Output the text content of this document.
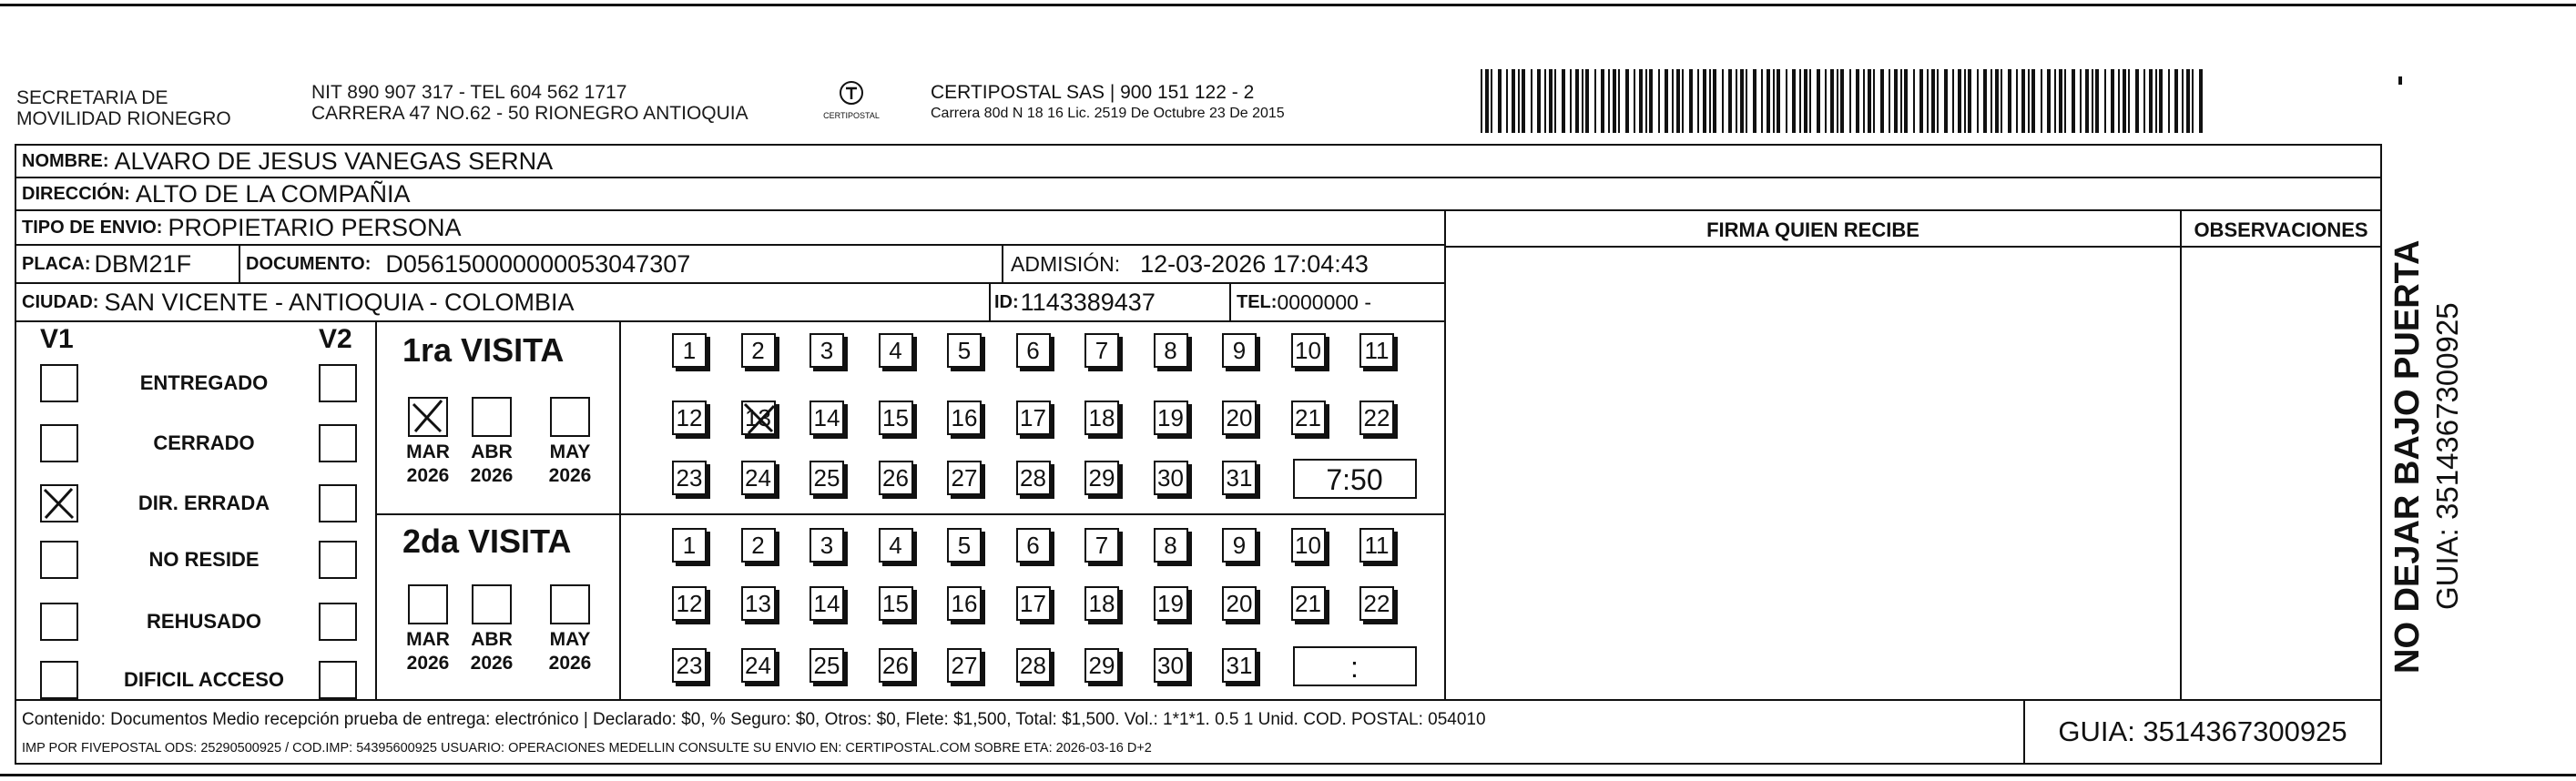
SECRETARIA DE
MOVILIDAD RIONEGRO
NIT 890 907 317 - TEL 604 562 1717
CARRERA 47 NO.62 - 50 RIONEGRO ANTIOQUIA	CERTIPOSTAL
CERTIPOSTAL SAS | 900 151 122 - 2
Carrera 80d N 18 16 Lic. 2519 De Octubre 23 De 2015
NOMBRE: ALVARO DE JESUS VANEGAS SERNA
DIRECCIÓN: ALTO DE LA COMPAÑIA
TIPO DE ENVIO: PROPIETARIO PERSONA
PLACA: DBM21F	DOCUMENTO: D056150000000053047307	ADMISIÓN: 12-03-2026 17:04:43
CIUDAD: SAN VICENTE - ANTIOQUIA - COLOMBIA	ID: 1143389437	TEL: 0000000 -
FIRMA QUIEN RECIBE	OBSERVACIONES
V1	V2
ENTREGADO
CERRADO
DIR. ERRADA
NO RESIDE
REHUSADO
DIFICIL ACCESO
1ra VISITA
MAR
2026
ABR
2026
MAY
2026
1	2	3	4	5	6	7	8	9	10 11
12 13 14 15 16 17 18 19 20 21 22
23 24 25 26 27 28 29 30 31	7:50
2da VISITA
MAR
2026
ABR
2026
MAY
2026
1	2	3	4	5	6	7	8	9	10 11
12 13 14 15 16 17 18 19 20 21 22
23 24 25 26 27 28 29 30 31	:
Contenido: Documentos Medio recepción prueba de entrega: electrónico | Declarado: $0, % Seguro: $0, Otros: $0, Flete: $1,500, Total: $1,500. Vol.: 1*1*1. 0.5 1 Unid. COD. POSTAL: 054010
IMP POR FIVEPOSTAL ODS: 25290500925 / COD.IMP: 54395600925 USUARIO: OPERACIONES MEDELLIN CONSULTE SU ENVIO EN: CERTIPOSTAL.COM SOBRE ETA: 2026-03-16 D+2
GUIA: 3514367300925
NO DEJAR BAJO PUERTA GUIA: 3514367300925
